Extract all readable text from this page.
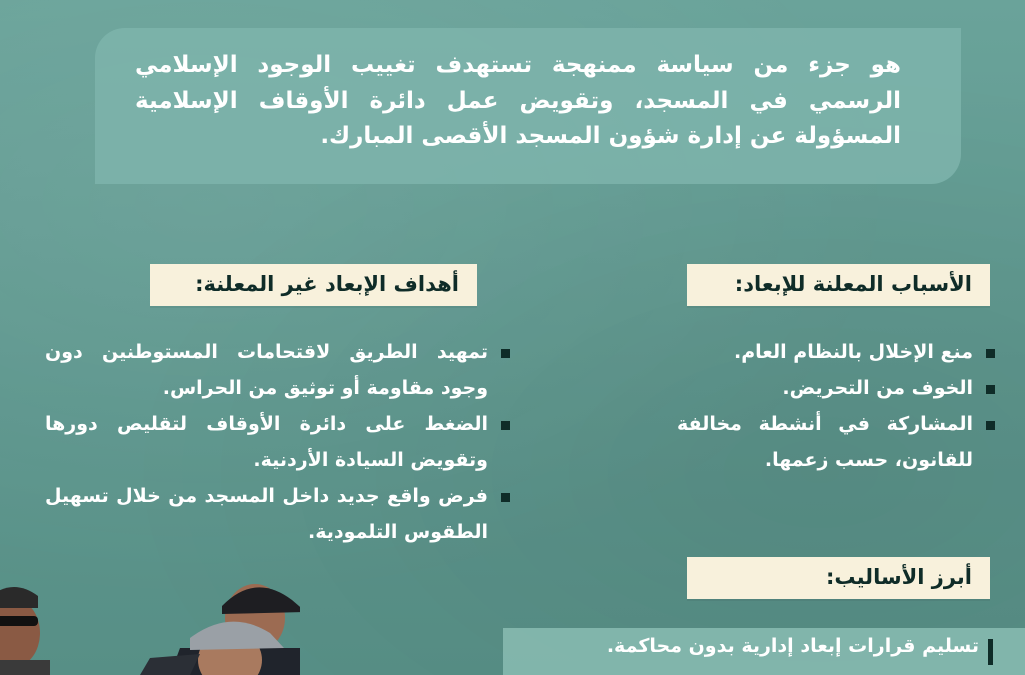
هو جزء من سياسة ممنهجة تستهدف تغييب الوجود الإسلامي الرسمي في المسجد، وتقويض عمل دائرة الأوقاف الإسلامية المسؤولة عن إدارة شؤون المسجد الأقصى المبارك.

الأسباب المعلنة للإبعاد:
منع الإخلال بالنظام العام.
الخوف من التحريض.
المشاركة في أنشطة مخالفة للقانون، حسب زعمها.
أهداف الإبعاد غير المعلنة:
تمهيد الطريق لاقتحامات المستوطنين دون وجود مقاومة أو توثيق من الحراس.
الضغط على دائرة الأوقاف لتقليص دورها وتقويض السيادة الأردنية.
فرض واقع جديد داخل المسجد من خلال تسهيل الطقوس التلمودية.
أبرز الأساليب:
تسليم قرارات إبعاد إدارية بدون محاكمة.
